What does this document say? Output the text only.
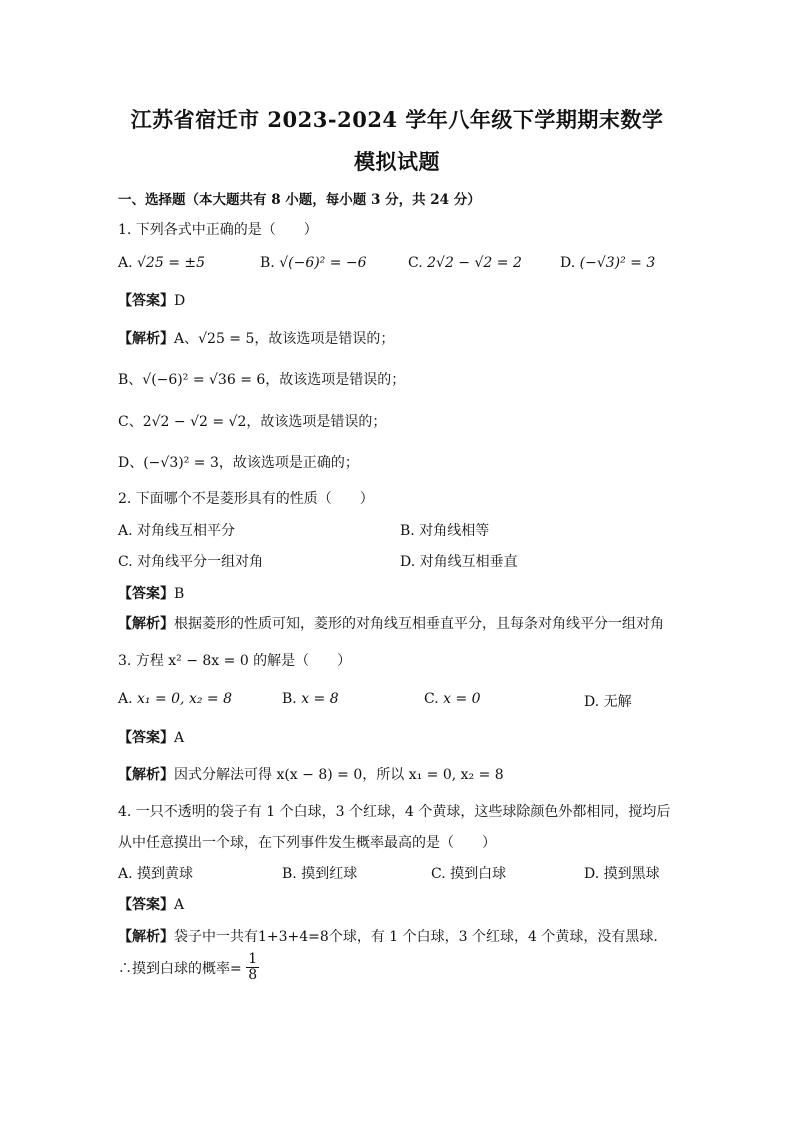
江苏省宿迁市 2023-2024 学年八年级下学期期末数学
模拟试题
一、选择题（本大题共有 8 小题，每小题 3 分，共 24 分）
1. 下列各式中正确的是（　　）
A. √25 = ±5	B. √(−6)² = −6	C. 2√2 − √2 = 2	D. (−√3)² = 3
【答案】D
【解析】A、√25 = 5，故该选项是错误的；
B、√(−6)² = √36 = 6，故该选项是错误的；
C、2√2 − √2 = √2，故该选项是错误的；
D、(−√3)² = 3，故该选项是正确的；
2. 下面哪个不是菱形具有的性质（　　）
A. 对角线互相平分	B. 对角线相等
C. 对角线平分一组对角	D. 对角线互相垂直
【答案】B
【解析】根据菱形的性质可知，菱形的对角线互相垂直平分，且每条对角线平分一组对角
3. 方程 x² − 8x = 0 的解是（　　）
A. x₁ = 0, x₂ = 8	B. x = 8	C. x = 0	D. 无解
【答案】A
【解析】因式分解法可得 x(x − 8) = 0，所以 x₁ = 0, x₂ = 8
4. 一只不透明的袋子有 1 个白球，3 个红球，4 个黄球，这些球除颜色外都相同，搅均后
从中任意摸出一个球，在下列事件发生概率最高的是（　　）
A. 摸到黄球	B. 摸到红球	C. 摸到白球	D. 摸到黑球
【答案】A
【解析】袋子中一共有1+3+4=8个球，有 1 个白球，3 个红球，4 个黄球，没有黑球.
∴摸到白球的概率= $\frac{1}{8}$
